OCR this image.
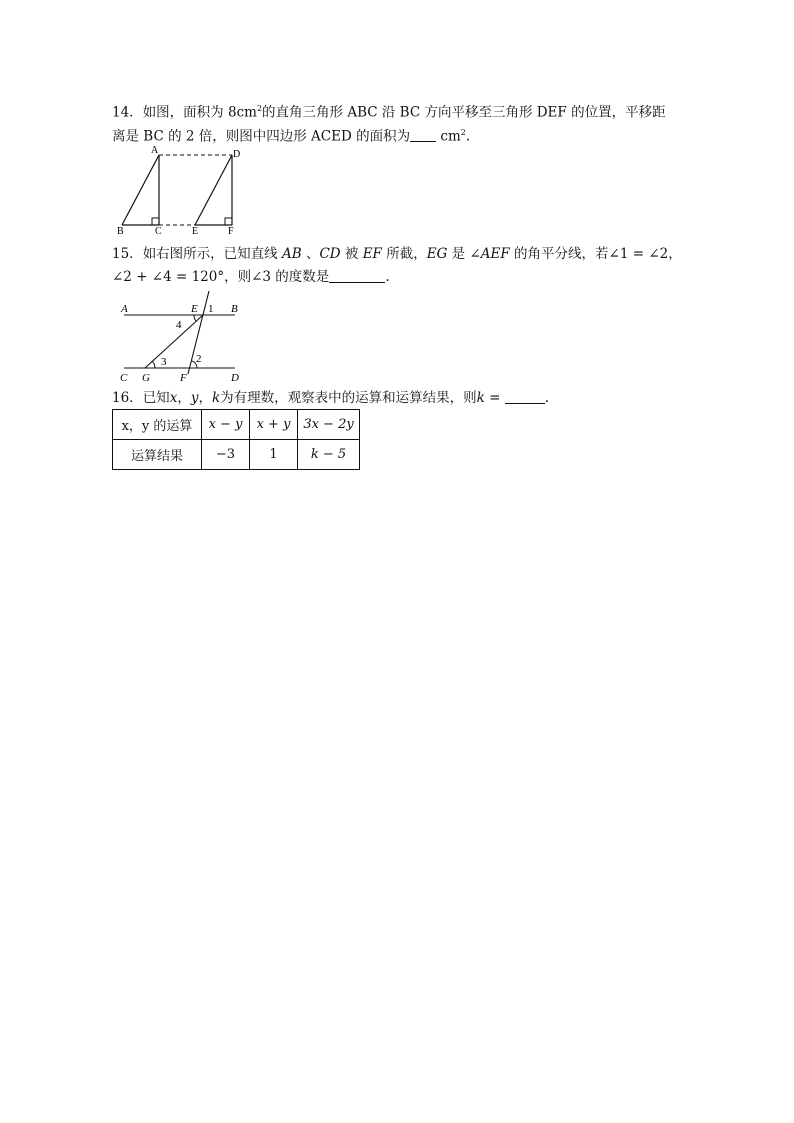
14．如图，面积为 $8cm^2$的直角三角形 ABC 沿 BC 方向平移至三角形 DEF 的位置，平移距
离是 BC 的 2 倍，则图中四边形 ACED 的面积为 $cm^2$.
A	D
B	C	E	F
15．如右图所示，已知直线 AB 、CD 被 EF 所截，EG 是 ∠AEF 的角平分线，若∠1 = ∠2，
∠2 + ∠4 = 120°，则∠3 的度数是	.
A	E 1 B
4
3	2
C G	F	D
16．已知x，y，k为有理数，观察表中的运算和运算结果，则k =	.
x，y 的运算	x − y	x + y	3x − 2y
运算结果	−3	1	k − 5
